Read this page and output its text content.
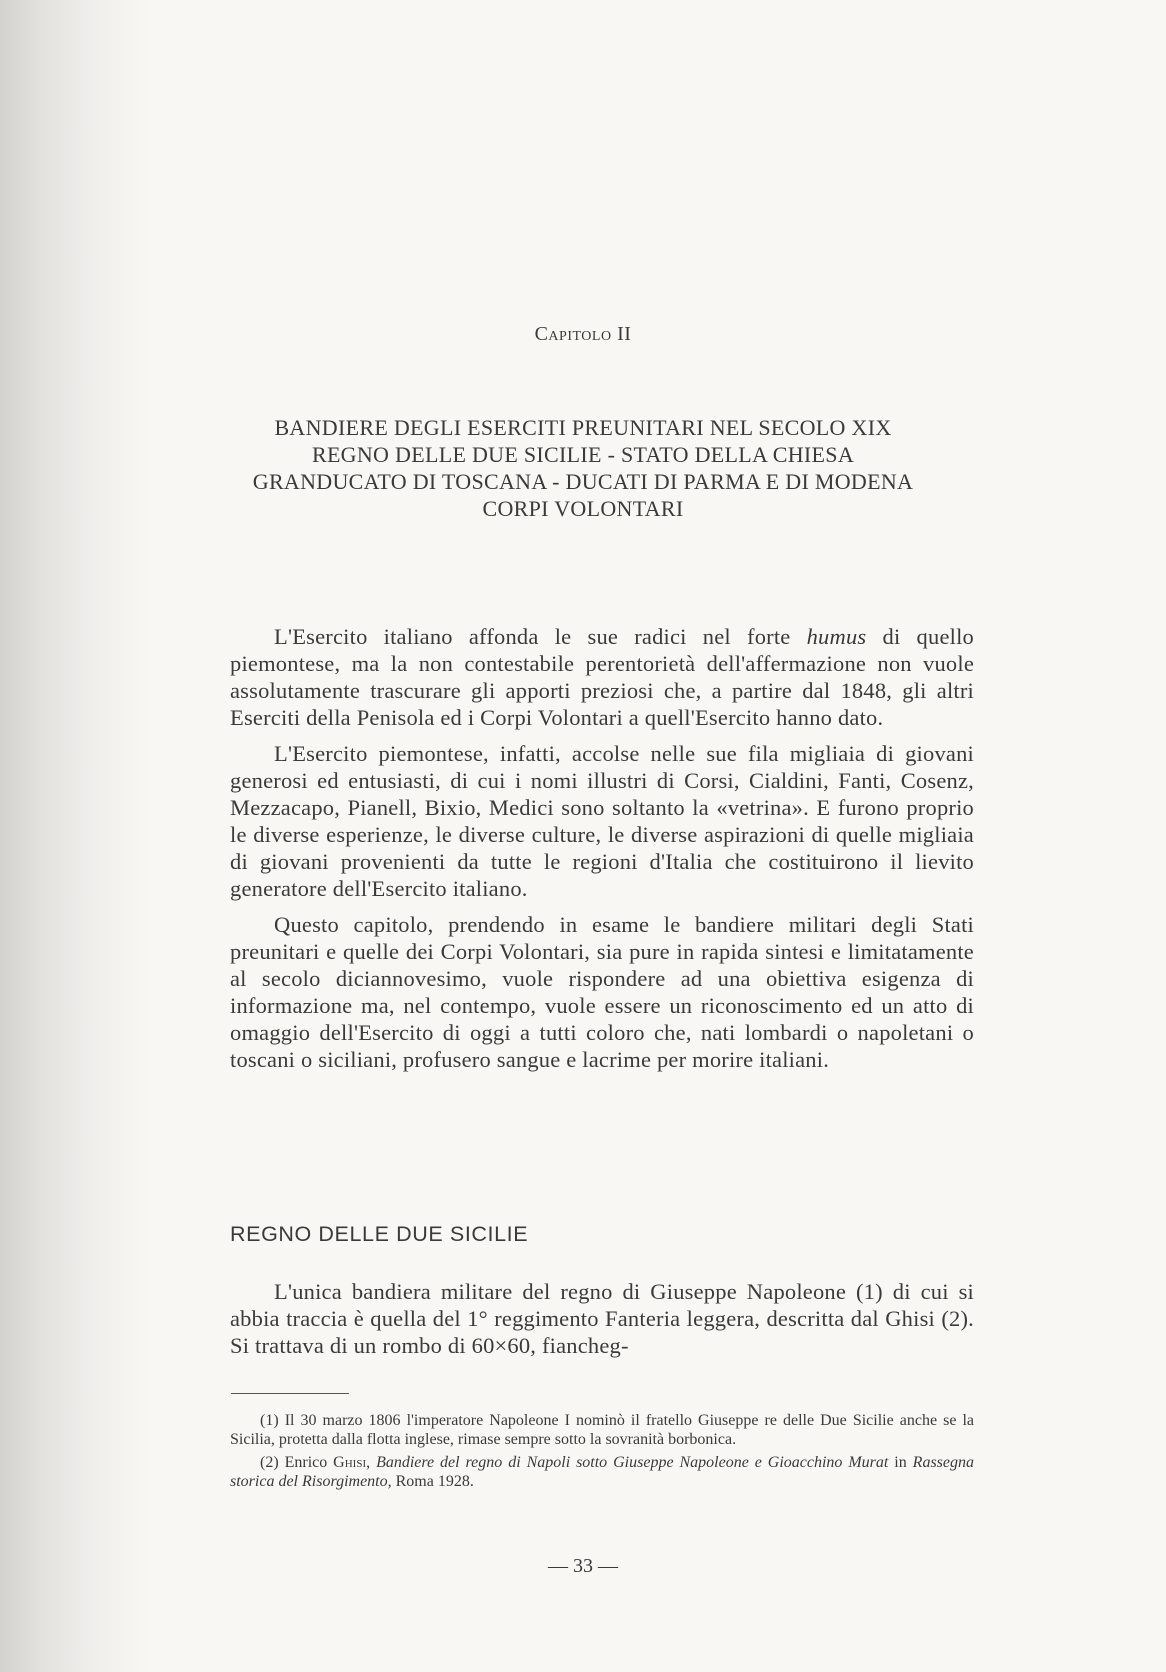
Capitolo II
BANDIERE DEGLI ESERCITI PREUNITARI NEL SECOLO XIX
REGNO DELLE DUE SICILIE - STATO DELLA CHIESA
GRANDUCATO DI TOSCANA - DUCATI DI PARMA E DI MODENA
CORPI VOLONTARI

L'Esercito italiano affonda le sue radici nel forte humus di quello piemontese, ma la non contestabile perentorietà dell'affermazione non vuole assolutamente trascurare gli apporti preziosi che, a partire dal 1848, gli altri Eserciti della Penisola ed i Corpi Volontari a quell'Esercito hanno dato.

L'Esercito piemontese, infatti, accolse nelle sue fila migliaia di giovani generosi ed entusiasti, di cui i nomi illustri di Corsi, Cialdini, Fanti, Cosenz, Mezzacapo, Pianell, Bixio, Medici sono soltanto la «vetrina». E furono proprio le diverse esperienze, le diverse culture, le diverse aspirazioni di quelle migliaia di giovani provenienti da tutte le regioni d'Italia che costituirono il lievito generatore dell'Esercito italiano.

Questo capitolo, prendendo in esame le bandiere militari degli Stati preunitari e quelle dei Corpi Volontari, sia pure in rapida sintesi e limitatamente al secolo diciannovesimo, vuole rispondere ad una obiettiva esigenza di informazione ma, nel contempo, vuole essere un riconoscimento ed un atto di omaggio dell'Esercito di oggi a tutti coloro che, nati lombardi o napoletani o toscani o siciliani, profusero sangue e lacrime per morire italiani.

REGNO DELLE DUE SICILIE

L'unica bandiera militare del regno di Giuseppe Napoleone (1) di cui si abbia traccia è quella del 1° reggimento Fanteria leggera, descritta dal Ghisi (2). Si trattava di un rombo di 60×60, fiancheg-

(1) Il 30 marzo 1806 l'imperatore Napoleone I nominò il fratello Giuseppe re delle Due Sicilie anche se la Sicilia, protetta dalla flotta inglese, rimase sempre sotto la sovranità borbonica.

(2) Enrico Ghisi, Bandiere del regno di Napoli sotto Giuseppe Napoleone e Gioacchino Murat in Rassegna storica del Risorgimento, Roma 1928.

— 33 —
